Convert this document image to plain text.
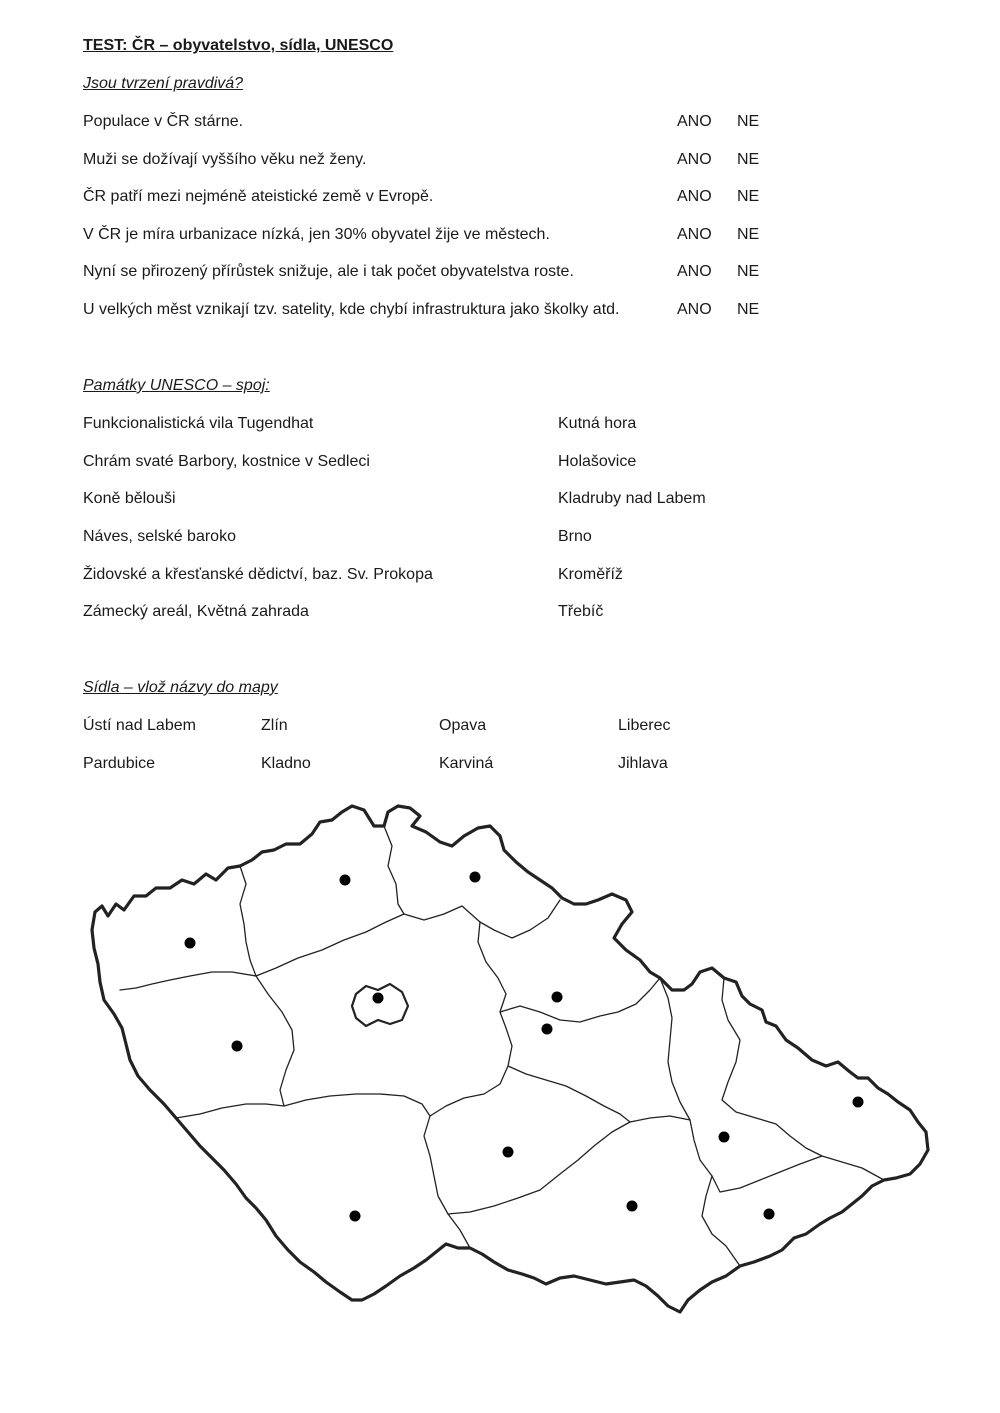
TEST: ČR – obyvatelstvo, sídla, UNESCO
Jsou tvrzení pravdivá?
Populace v ČR stárne.	ANO NE
Muži se dožívají vyššího věku než ženy.	ANO NE
ČR patří mezi nejméně ateistické země v Evropě.	ANO NE
V ČR je míra urbanizace nízká, jen 30% obyvatel žije ve městech.	ANO NE
Nyní se přirozený přírůstek snižuje, ale i tak počet obyvatelstva roste.	ANO NE
U velkých měst vznikají tzv. satelity, kde chybí infrastruktura jako školky atd.	ANO NE
Památky UNESCO – spoj:
Funkcionalistická vila Tugendhat	Kutná hora
Chrám svaté Barbory, kostnice v Sedleci	Holašovice
Koně bělouši	Kladruby nad Labem
Náves, selské baroko	Brno
Židovské a křesťanské dědictví, baz. Sv. Prokopa	Kroměříž
Zámecký areál, Květná zahrada	Třebíč
Sídla – vlož názvy do mapy
Ústí nad Labem	Zlín	Opava	Liberec
Pardubice	Kladno	Karviná	Jihlava
